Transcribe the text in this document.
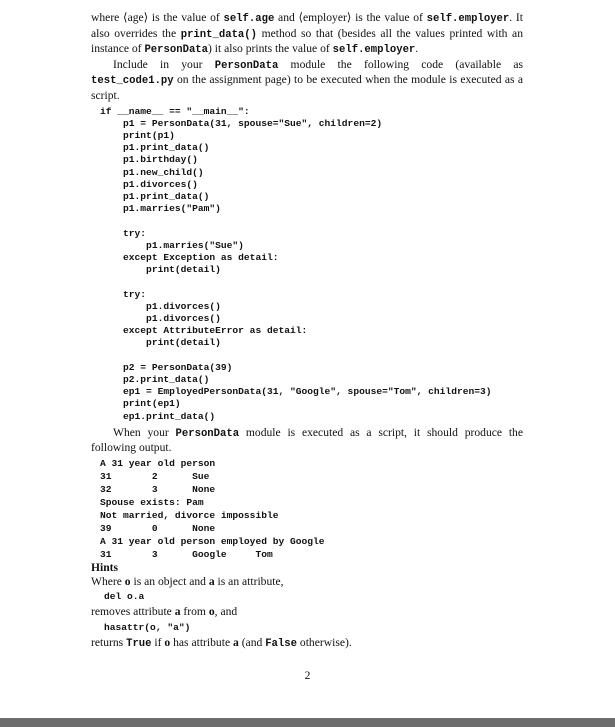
where ⟨age⟩ is the value of self.age and ⟨employer⟩ is the value of self.employer. It also overrides the print_data() method so that (besides all the values printed with an instance of PersonData) it also prints the value of self.employer.

Include in your PersonData module the following code (available as test_code1.py on the assignment page) to be executed when the module is executed as a script.

if __name__ == "__main__":
p1 = PersonData(31, spouse="Sue", children=2)
print(p1)
p1.print_data()
p1.birthday()
p1.new_child()
p1.divorces()
p1.print_data()
p1.marries("Pam")

try:
p1.marries("Sue")
except Exception as detail:
print(detail)

try:
p1.divorces()
p1.divorces()
except AttributeError as detail:
print(detail)

p2 = PersonData(39)
p2.print_data()
ep1 = EmployedPersonData(31, "Google", spouse="Tom", children=3)
print(ep1)
ep1.print_data()

When your PersonData module is executed as a script, it should produce the following output.

A 31 year old person
31       2      Sue
32       3      None
Spouse exists: Pam
Not married, divorce impossible
39       0      None
A 31 year old person employed by Google
31       3      Google     Tom

Hints

Where o is an object and a is an attribute,

del o.a

removes attribute a from o, and

hasattr(o, "a")

returns True if o has attribute a (and False otherwise).

2
